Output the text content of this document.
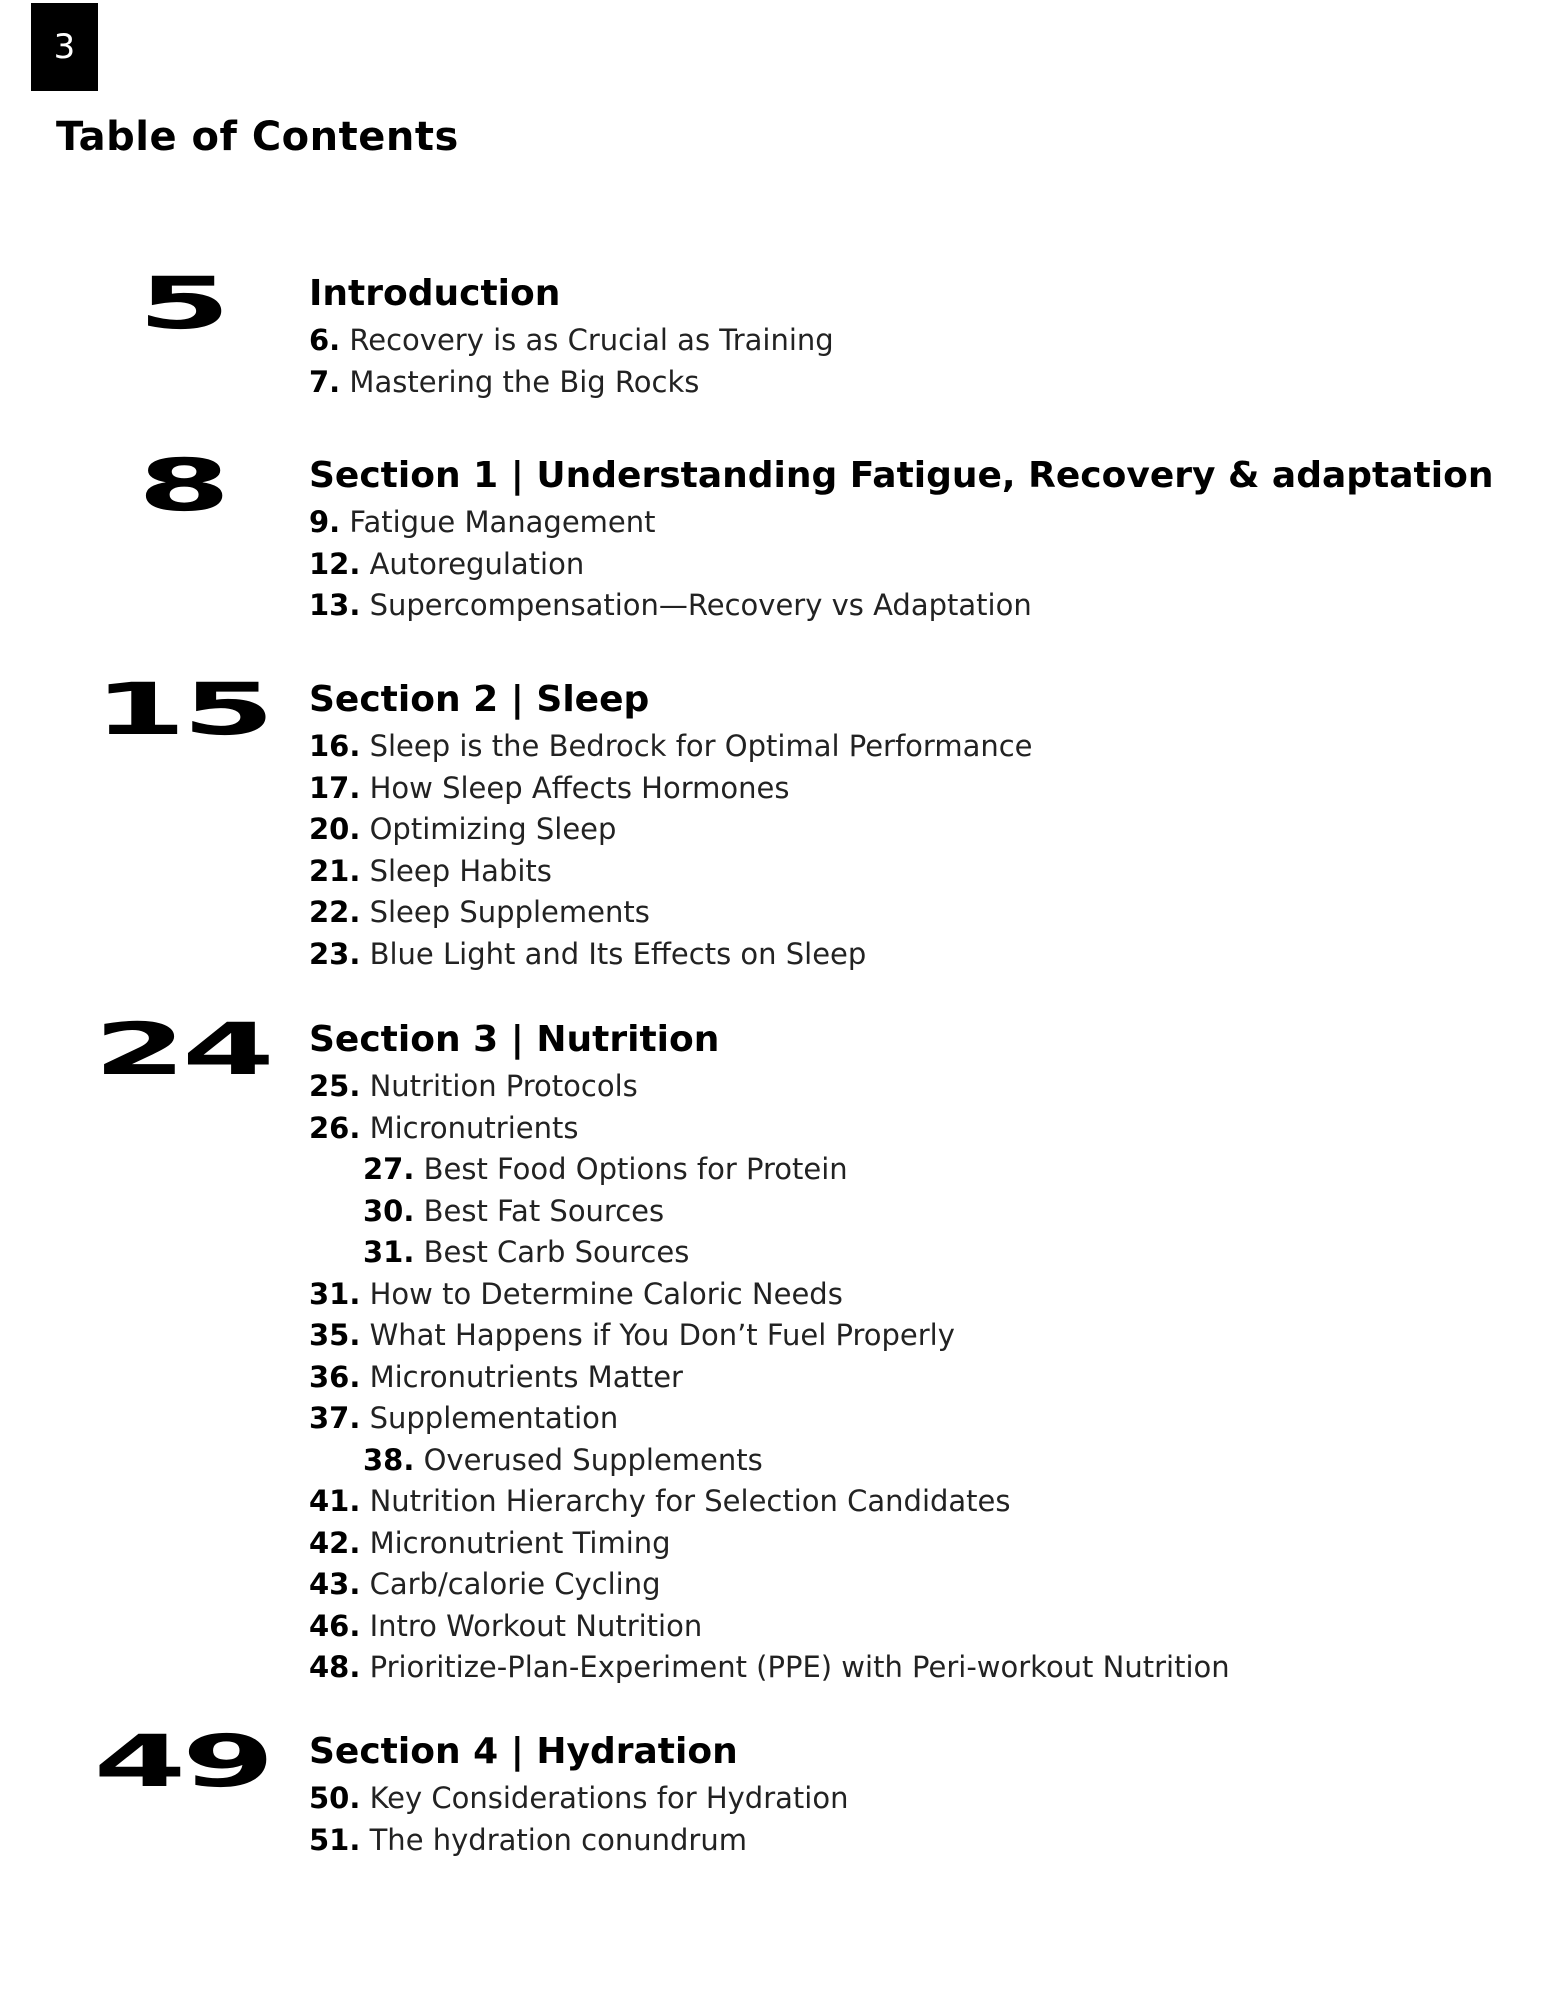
3
Table of Contents
5	Introduction
6. Recovery is as Crucial as Training
7. Mastering the Big Rocks
8	Section 1 | Understanding Fatigue, Recovery & adaptation
9. Fatigue Management
12. Autoregulation
13. Supercompensation—Recovery vs Adaptation
15	Section 2 | Sleep
16. Sleep is the Bedrock for Optimal Performance
17. How Sleep Affects Hormones
20. Optimizing Sleep
21. Sleep Habits
22. Sleep Supplements
23. Blue Light and Its Effects on Sleep
24	Section 3 | Nutrition
25. Nutrition Protocols
26. Micronutrients
27. Best Food Options for Protein
30. Best Fat Sources
31. Best Carb Sources
31. How to Determine Caloric Needs
35. What Happens if You Don’t Fuel Properly
36. Micronutrients Matter
37. Supplementation
38. Overused Supplements
41. Nutrition Hierarchy for Selection Candidates
42. Micronutrient Timing
43. Carb/calorie Cycling
46. Intro Workout Nutrition
48. Prioritize-Plan-Experiment (PPE) with Peri-workout Nutrition
49	Section 4 | Hydration
50. Key Considerations for Hydration
51. The hydration conundrum
